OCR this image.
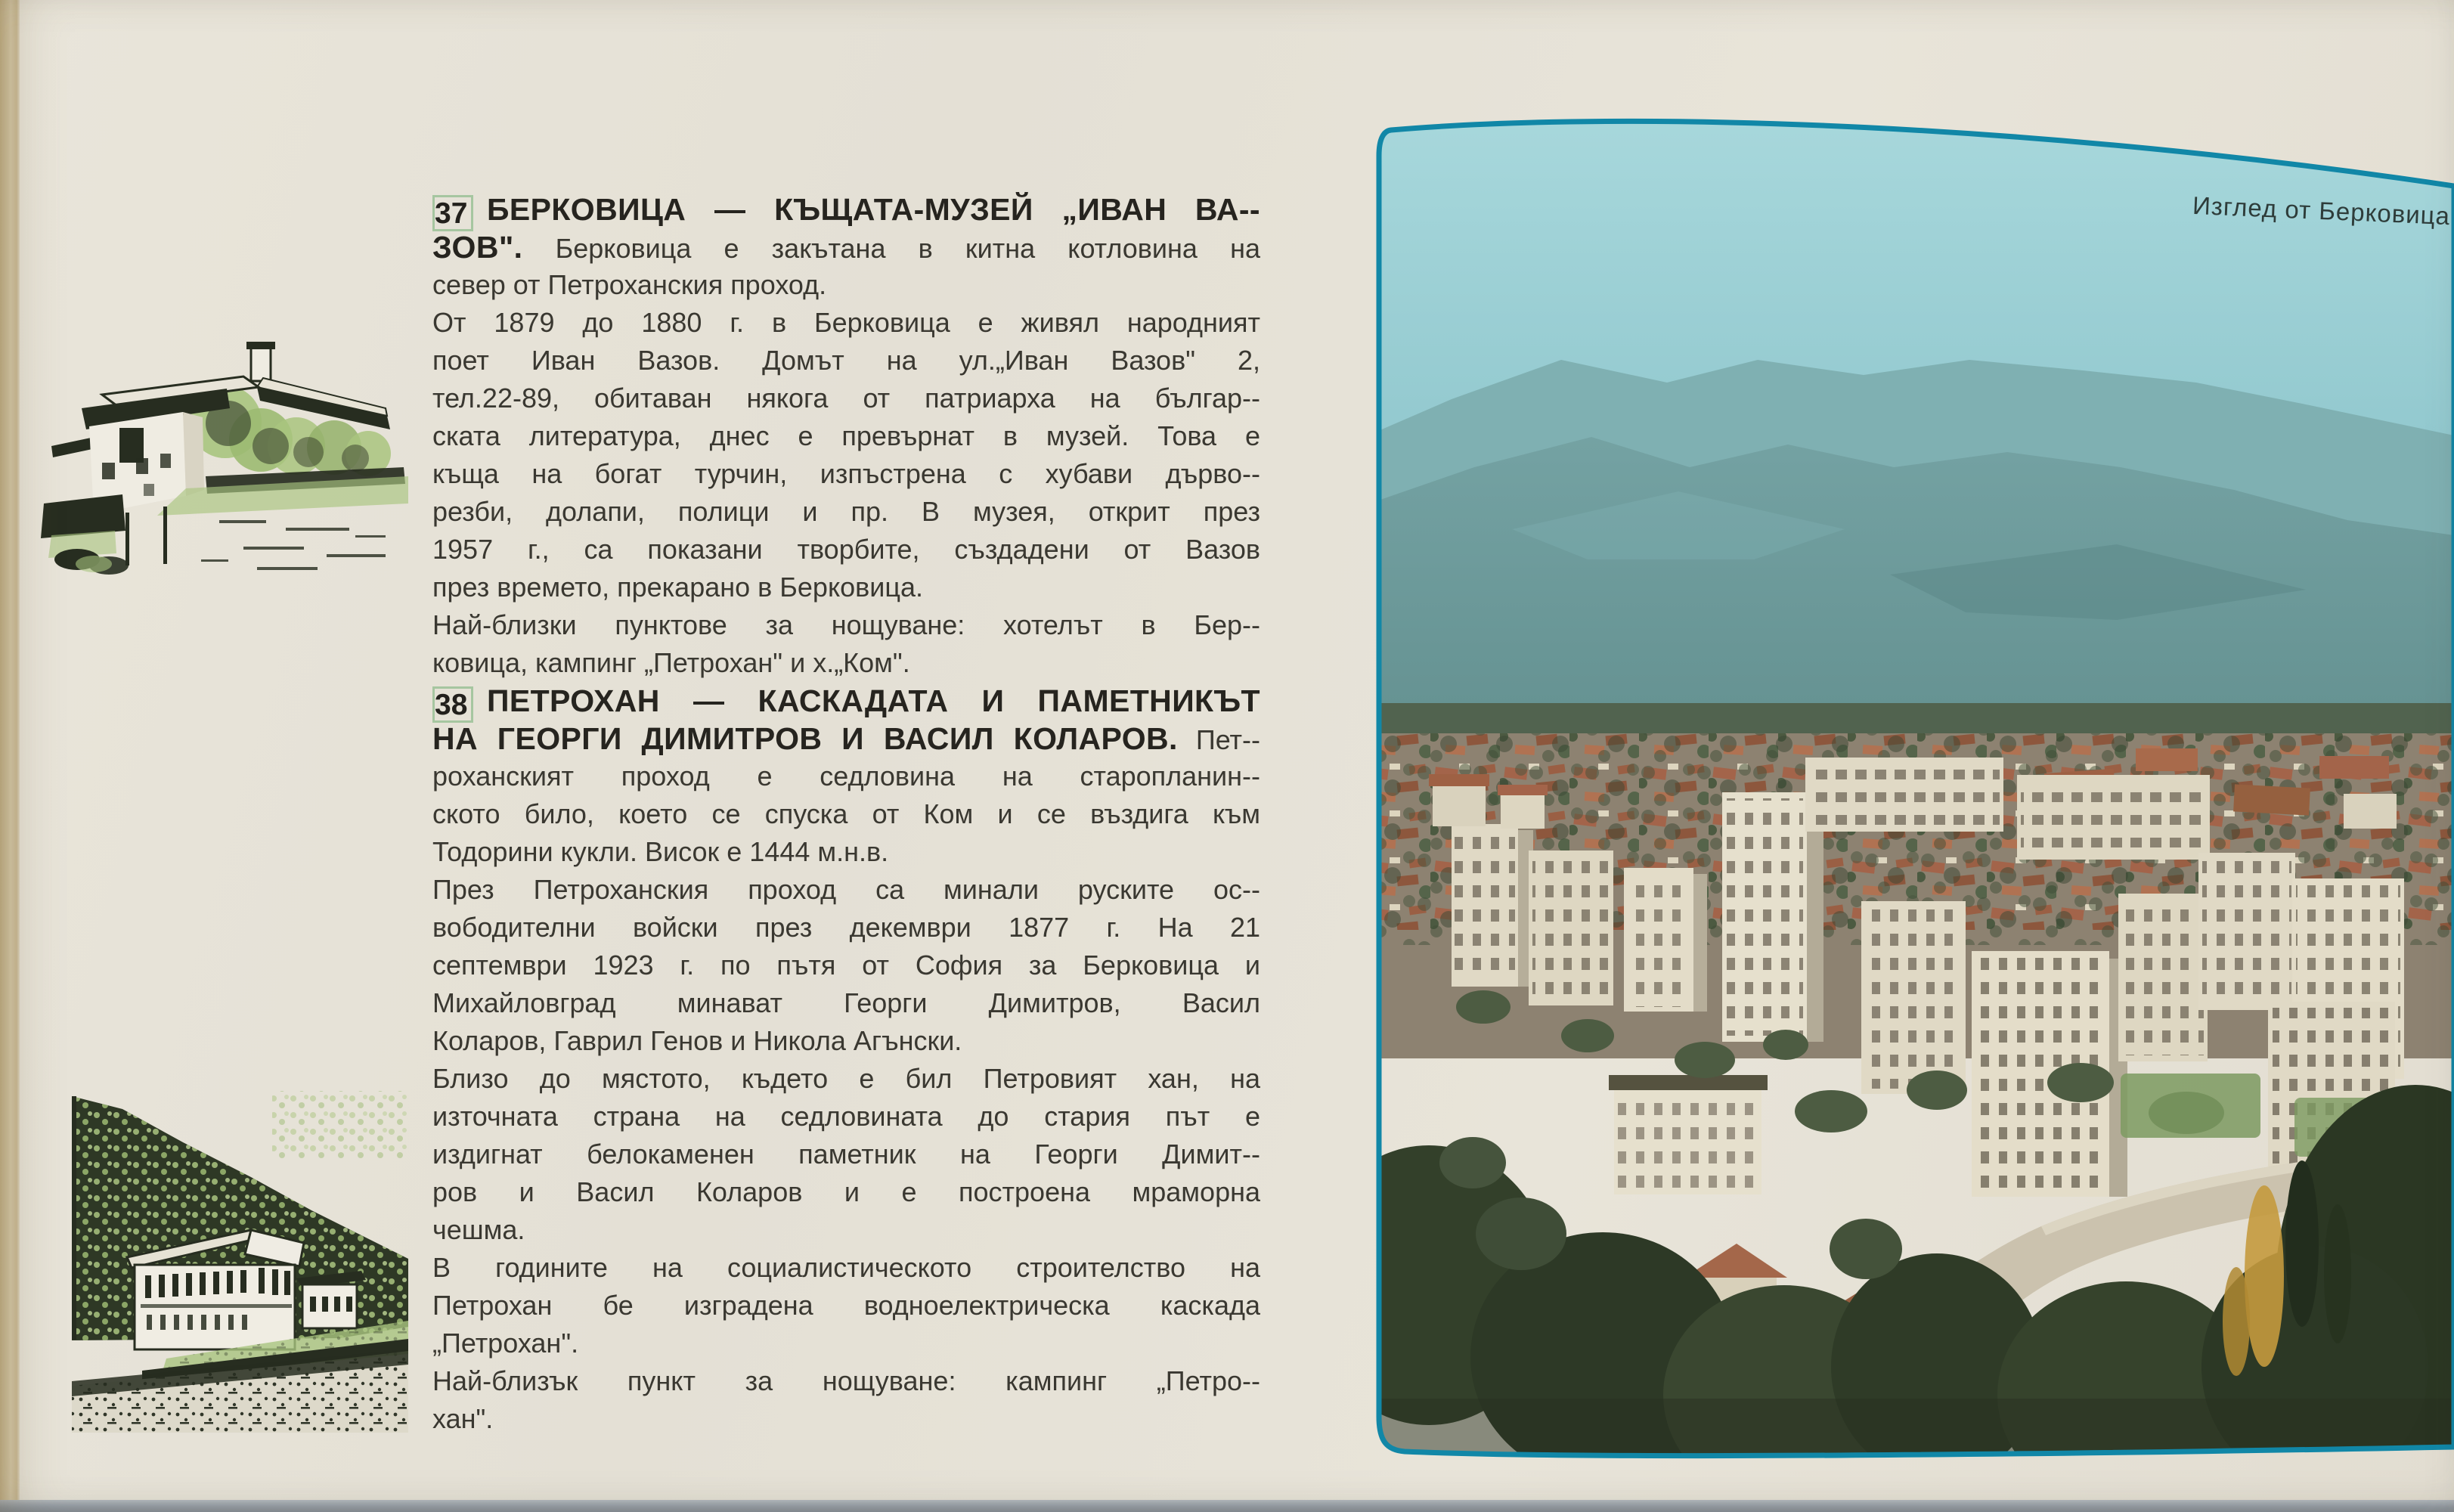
37 БЕРКОВИЦА — КЪЩАТА-МУЗЕЙ „ИВАН ВА--
ЗОВ". Берковица е закътана в китна котловина на
север от Петроханския проход.
От 1879 до 1880 г. в Берковица е живял народният
поет Иван Вазов. Домът на ул.„Иван Вазов" 2,
тел.22-89, обитаван някога от патриарха на българ--
ската литература, днес е превърнат в музей. Това е
къща на богат турчин, изпъстрена с хубави дърво--
резби, долапи, полици и пр. В музея, открит през
1957 г., са показани творбите, създадени от Вазов
през времето, прекарано в Берковица.
Най-близки пунктове за нощуване: хотелът в Бер--
ковица, кампинг „Петрохан" и х.„Ком".
38 ПЕТРОХАН — КАСКАДАТА И ПАМЕТНИКЪТ
НА ГЕОРГИ ДИМИТРОВ И ВАСИЛ КОЛАРОВ. Пет--
роханският проход е седловина на старопланин--
ското било, което се спуска от Ком и се въздига към
Тодорини кукли. Висок е 1444 м.н.в.
През Петроханския проход са минали руските ос--
вободителни войски през декември 1877 г. На 21
септември 1923 г. по пътя от София за Берковица и
Михайловград минават Георги Димитров, Васил
Коларов, Гаврил Генов и Никола Агънски.
Близо до мястото, където е бил Петровият хан, на
източната страна на седловината до стария път е
издигнат белокаменен паметник на Георги Димит--
ров и Васил Коларов и е построена мраморна
чешма.
В годините на социалистическото строителство на
Петрохан бе изградена водноелектрическа каскада
„Петрохан".
Най-близък пункт за нощуване: кампинг „Петро--
хан".
Изглед от Берковица
